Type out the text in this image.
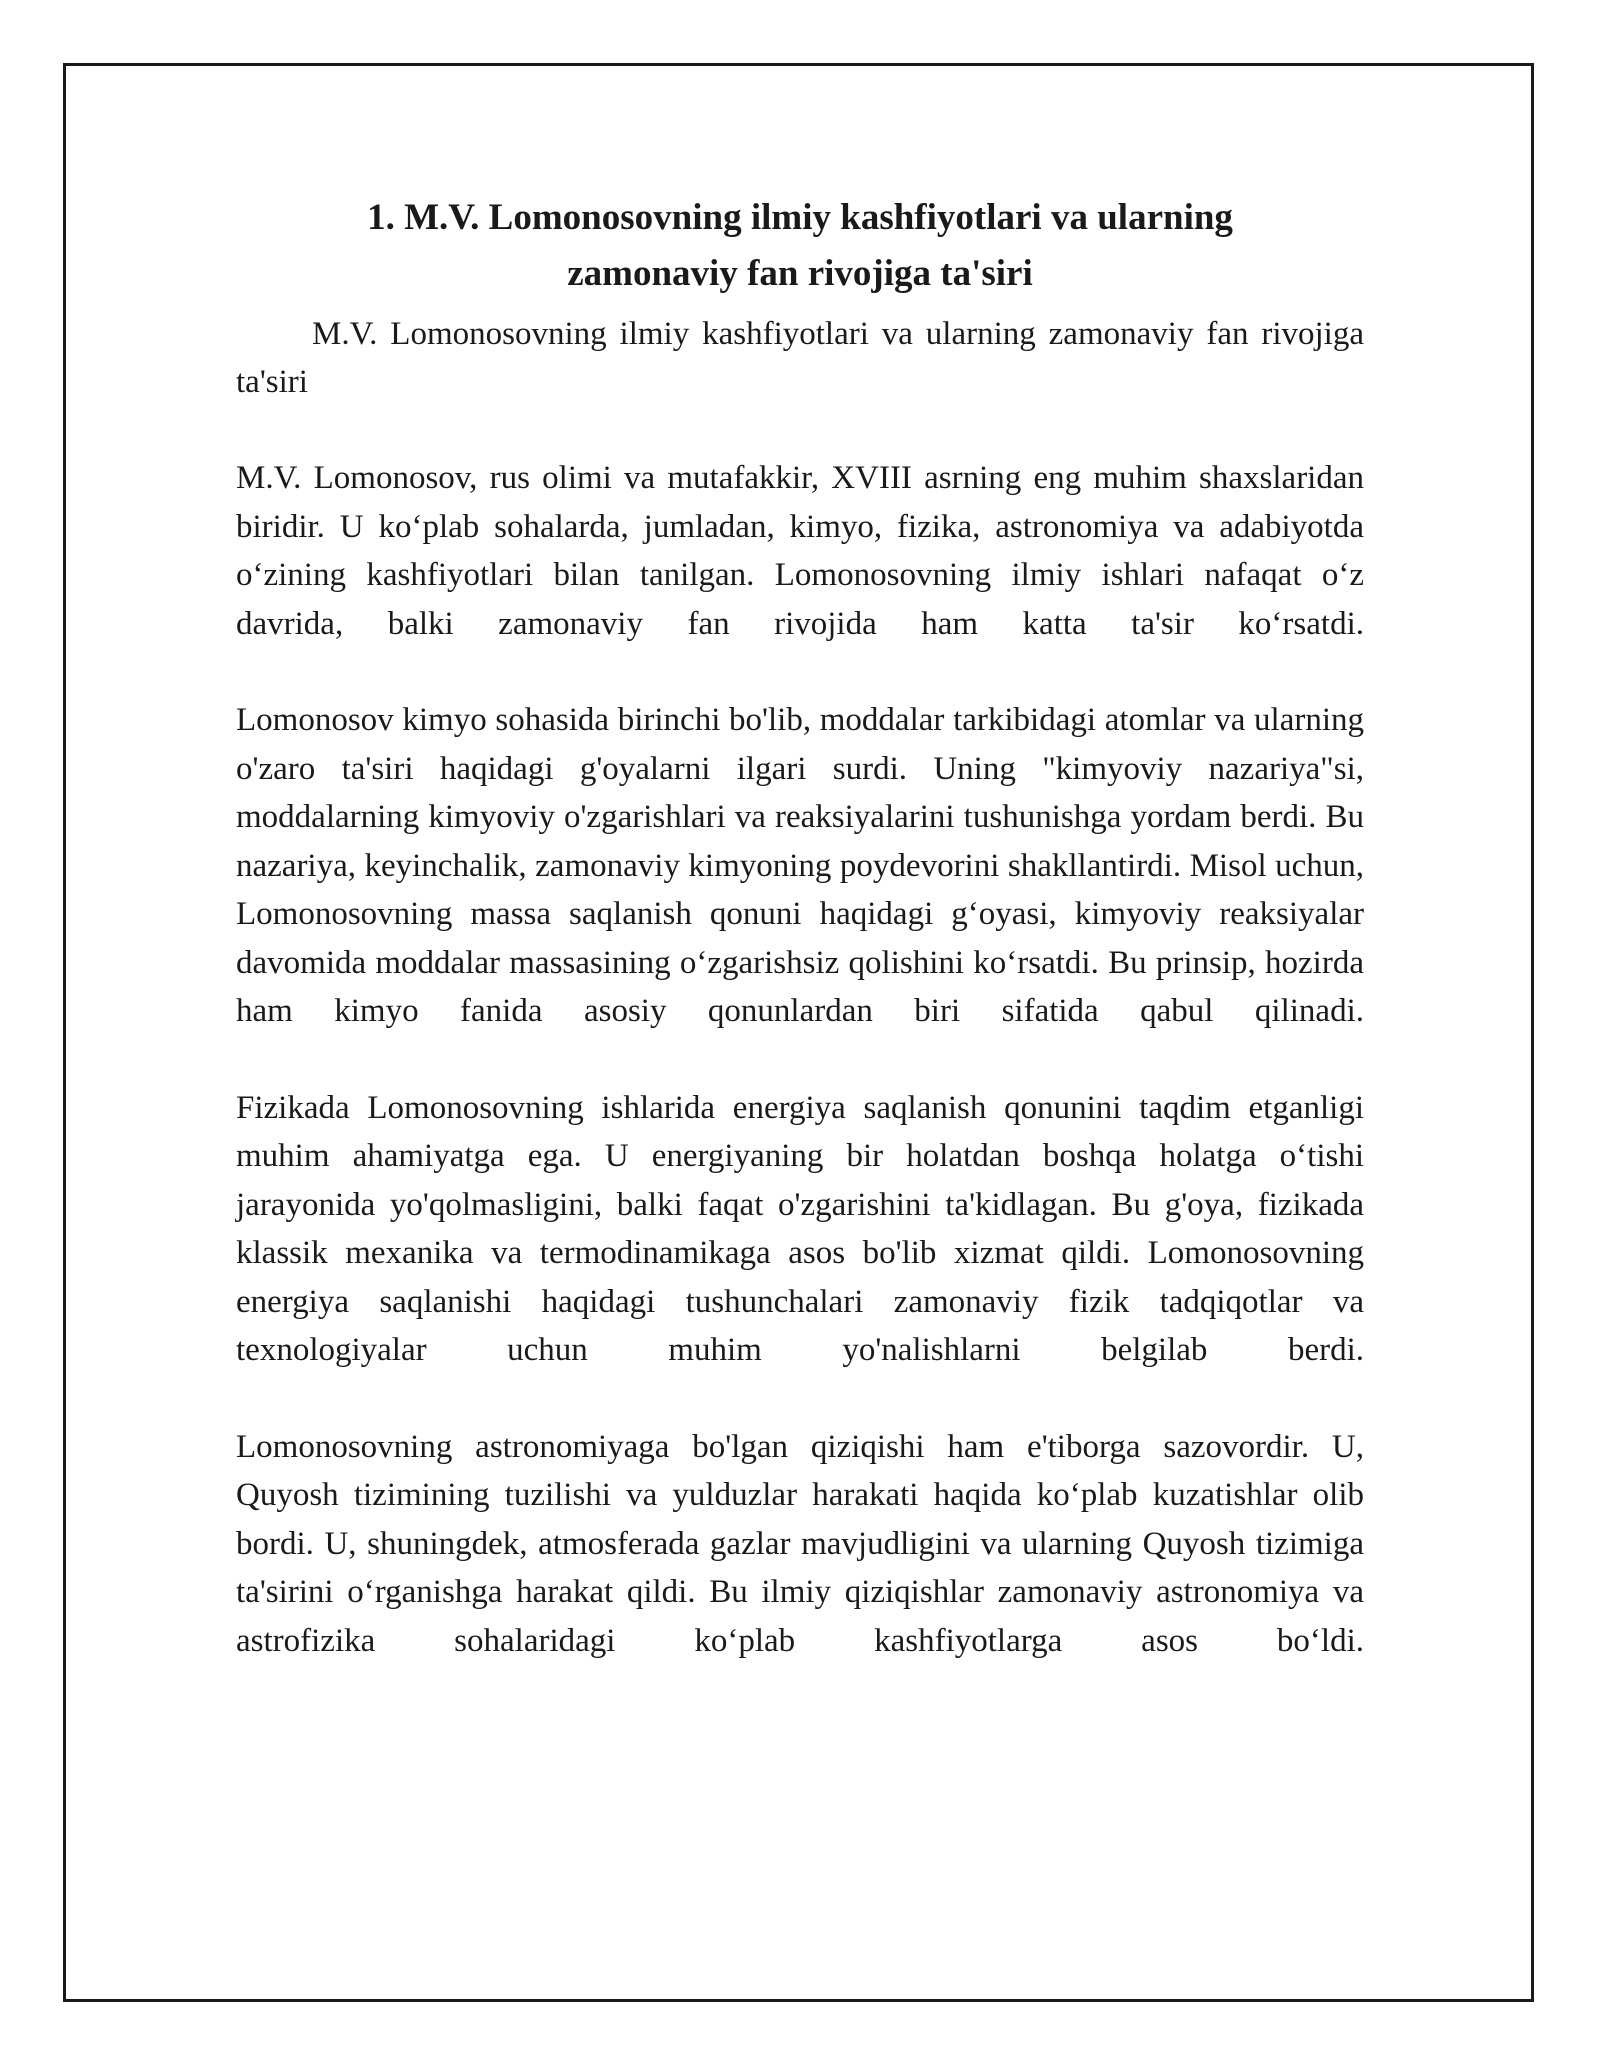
1. M.V. Lomonosovning ilmiy kashfiyotlari va ularning
zamonaviy fan rivojiga ta'siri

M.V. Lomonosovning ilmiy kashfiyotlari va ularning zamonaviy fan rivojiga ta'siri

M.V. Lomonosov, rus olimi va mutafakkir, XVIII asrning eng muhim shaxslaridan biridir. U ko‘plab sohalarda, jumladan, kimyo, fizika, astronomiya va adabiyotda o‘zining kashfiyotlari bilan tanilgan. Lomonosovning ilmiy ishlari nafaqat o‘z davrida, balki zamonaviy fan rivojida ham katta ta'sir ko‘rsatdi.

Lomonosov kimyo sohasida birinchi bo'lib, moddalar tarkibidagi atomlar va ularning o'zaro ta'siri haqidagi g'oyalarni ilgari surdi. Uning "kimyoviy nazariya"si, moddalarning kimyoviy o'zgarishlari va reaksiyalarini tushunishga yordam berdi. Bu nazariya, keyinchalik, zamonaviy kimyoning poydevorini shakllantirdi. Misol uchun, Lomonosovning massa saqlanish qonuni haqidagi g‘oyasi, kimyoviy reaksiyalar davomida moddalar massasining o‘zgarishsiz qolishini ko‘rsatdi. Bu prinsip, hozirda ham kimyo fanida asosiy qonunlardan biri sifatida qabul qilinadi.

Fizikada Lomonosovning ishlarida energiya saqlanish qonunini taqdim etganligi muhim ahamiyatga ega. U energiyaning bir holatdan boshqa holatga o‘tishi jarayonida yo'qolmasligini, balki faqat o'zgarishini ta'kidlagan. Bu g'oya, fizikada klassik mexanika va termodinamikaga asos bo'lib xizmat qildi. Lomonosovning energiya saqlanishi haqidagi tushunchalari zamonaviy fizik tadqiqotlar va texnologiyalar uchun muhim yo'nalishlarni belgilab berdi.

Lomonosovning astronomiyaga bo'lgan qiziqishi ham e'tiborga sazovordir. U, Quyosh tizimining tuzilishi va yulduzlar harakati haqida ko‘plab kuzatishlar olib bordi. U, shuningdek, atmosferada gazlar mavjudligini va ularning Quyosh tizimiga ta'sirini o‘rganishga harakat qildi. Bu ilmiy qiziqishlar zamonaviy astronomiya va astrofizika sohalaridagi ko‘plab kashfiyotlarga asos bo‘ldi.
